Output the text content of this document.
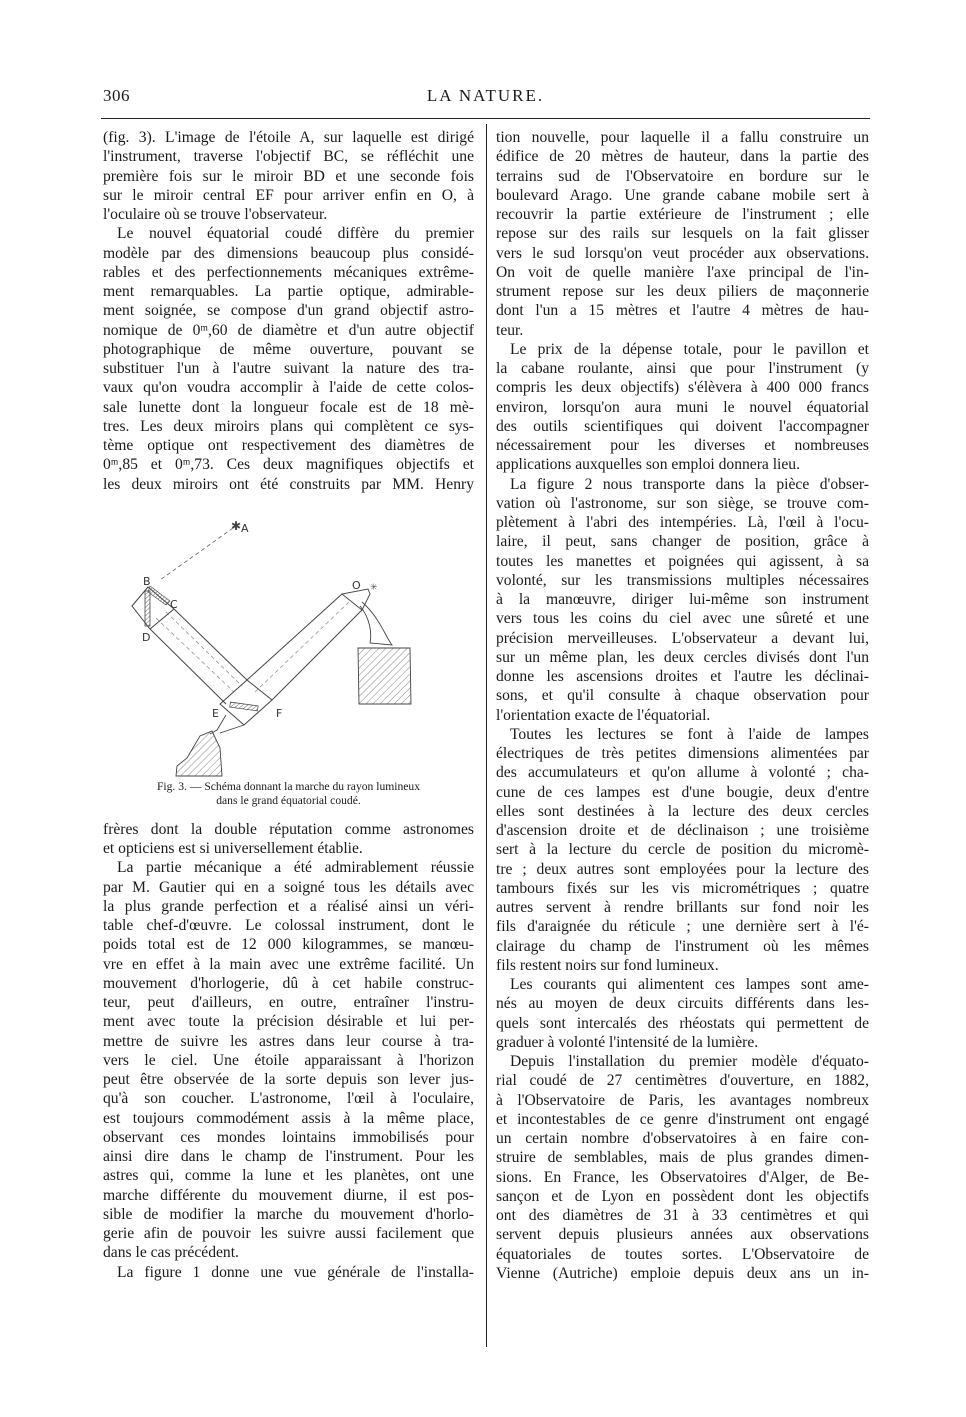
306	LA NATURE.
(fig. 3). L'image de l'étoile A, sur laquelle est dirigé
l'instrument, traverse l'objectif BC, se réfléchit une
première fois sur le miroir BD et une seconde fois
sur le miroir central EF pour arriver enfin en O, à
l'oculaire où se trouve l'observateur.
Le nouvel équatorial coudé diffère du premier
modèle par des dimensions beaucoup plus considé-
rables et des perfectionnements mécaniques extrême-
ment remarquables. La partie optique, admirable-
ment soignée, se compose d'un grand objectif astro-
nomique de 0ᵐ,60 de diamètre et d'un autre objectif
photographique de même ouverture, pouvant se
substituer l'un à l'autre suivant la nature des tra-
vaux qu'on voudra accomplir à l'aide de cette colos-
sale lunette dont la longueur focale est de 18 mè-
tres. Les deux miroirs plans qui complètent ce sys-
tème optique ont respectivement des diamètres de
0ᵐ,85 et 0ᵐ,73. Ces deux magnifiques objectifs et
les deux miroirs ont été construits par MM. Henry
✱ A
B
C
D
E	F
O ✳
Fig. 3. — Schéma donnant la marche du rayon lumineux
dans le grand équatorial coudé.
frères dont la double réputation comme astronomes
et opticiens est si universellement établie.
La partie mécanique a été admirablement réussie
par M. Gautier qui en a soigné tous les détails avec
la plus grande perfection et a réalisé ainsi un véri-
table chef-d'œuvre. Le colossal instrument, dont le
poids total est de 12 000 kilogrammes, se manœu-
vre en effet à la main avec une extrême facilité. Un
mouvement d'horlogerie, dû à cet habile construc-
teur, peut d'ailleurs, en outre, entraîner l'instru-
ment avec toute la précision désirable et lui per-
mettre de suivre les astres dans leur course à tra-
vers le ciel. Une étoile apparaissant à l'horizon
peut être observée de la sorte depuis son lever jus-
qu'à son coucher. L'astronome, l'œil à l'oculaire,
est toujours commodément assis à la même place,
observant ces mondes lointains immobilisés pour
ainsi dire dans le champ de l'instrument. Pour les
astres qui, comme la lune et les planètes, ont une
marche différente du mouvement diurne, il est pos-
sible de modifier la marche du mouvement d'horlo-
gerie afin de pouvoir les suivre aussi facilement que
dans le cas précédent.
La figure 1 donne une vue générale de l'installa-
tion nouvelle, pour laquelle il a fallu construire un
édifice de 20 mètres de hauteur, dans la partie des
terrains sud de l'Observatoire en bordure sur le
boulevard Arago. Une grande cabane mobile sert à
recouvrir la partie extérieure de l'instrument ; elle
repose sur des rails sur lesquels on la fait glisser
vers le sud lorsqu'on veut procéder aux observations.
On voit de quelle manière l'axe principal de l'in-
strument repose sur les deux piliers de maçonnerie
dont l'un a 15 mètres et l'autre 4 mètres de hau-
teur.
Le prix de la dépense totale, pour le pavillon et
la cabane roulante, ainsi que pour l'instrument (y
compris les deux objectifs) s'élèvera à 400 000 francs
environ, lorsqu'on aura muni le nouvel équatorial
des outils scientifiques qui doivent l'accompagner
nécessairement pour les diverses et nombreuses
applications auxquelles son emploi donnera lieu.
La figure 2 nous transporte dans la pièce d'obser-
vation où l'astronome, sur son siège, se trouve com-
plètement à l'abri des intempéries. Là, l'œil à l'ocu-
laire, il peut, sans changer de position, grâce à
toutes les manettes et poignées qui agissent, à sa
volonté, sur les transmissions multiples nécessaires
à la manœuvre, diriger lui-même son instrument
vers tous les coins du ciel avec une sûreté et une
précision merveilleuses. L'observateur a devant lui,
sur un même plan, les deux cercles divisés dont l'un
donne les ascensions droites et l'autre les déclinai-
sons, et qu'il consulte à chaque observation pour
l'orientation exacte de l'équatorial.
Toutes les lectures se font à l'aide de lampes
électriques de très petites dimensions alimentées par
des accumulateurs et qu'on allume à volonté ; cha-
cune de ces lampes est d'une bougie, deux d'entre
elles sont destinées à la lecture des deux cercles
d'ascension droite et de déclinaison ; une troisième
sert à la lecture du cercle de position du micromè-
tre ; deux autres sont employées pour la lecture des
tambours fixés sur les vis micrométriques ; quatre
autres servent à rendre brillants sur fond noir les
fils d'araignée du réticule ; une dernière sert à l'é-
clairage du champ de l'instrument où les mêmes
fils restent noirs sur fond lumineux.
Les courants qui alimentent ces lampes sont ame-
nés au moyen de deux circuits différents dans les-
quels sont intercalés des rhéostats qui permettent de
graduer à volonté l'intensité de la lumière.
Depuis l'installation du premier modèle d'équato-
rial coudé de 27 centimètres d'ouverture, en 1882,
à l'Observatoire de Paris, les avantages nombreux
et incontestables de ce genre d'instrument ont engagé
un certain nombre d'observatoires à en faire con-
struire de semblables, mais de plus grandes dimen-
sions. En France, les Observatoires d'Alger, de Be-
sançon et de Lyon en possèdent dont les objectifs
ont des diamètres de 31 à 33 centimètres et qui
servent depuis plusieurs années aux observations
équatoriales de toutes sortes. L'Observatoire de
Vienne (Autriche) emploie depuis deux ans un in-
